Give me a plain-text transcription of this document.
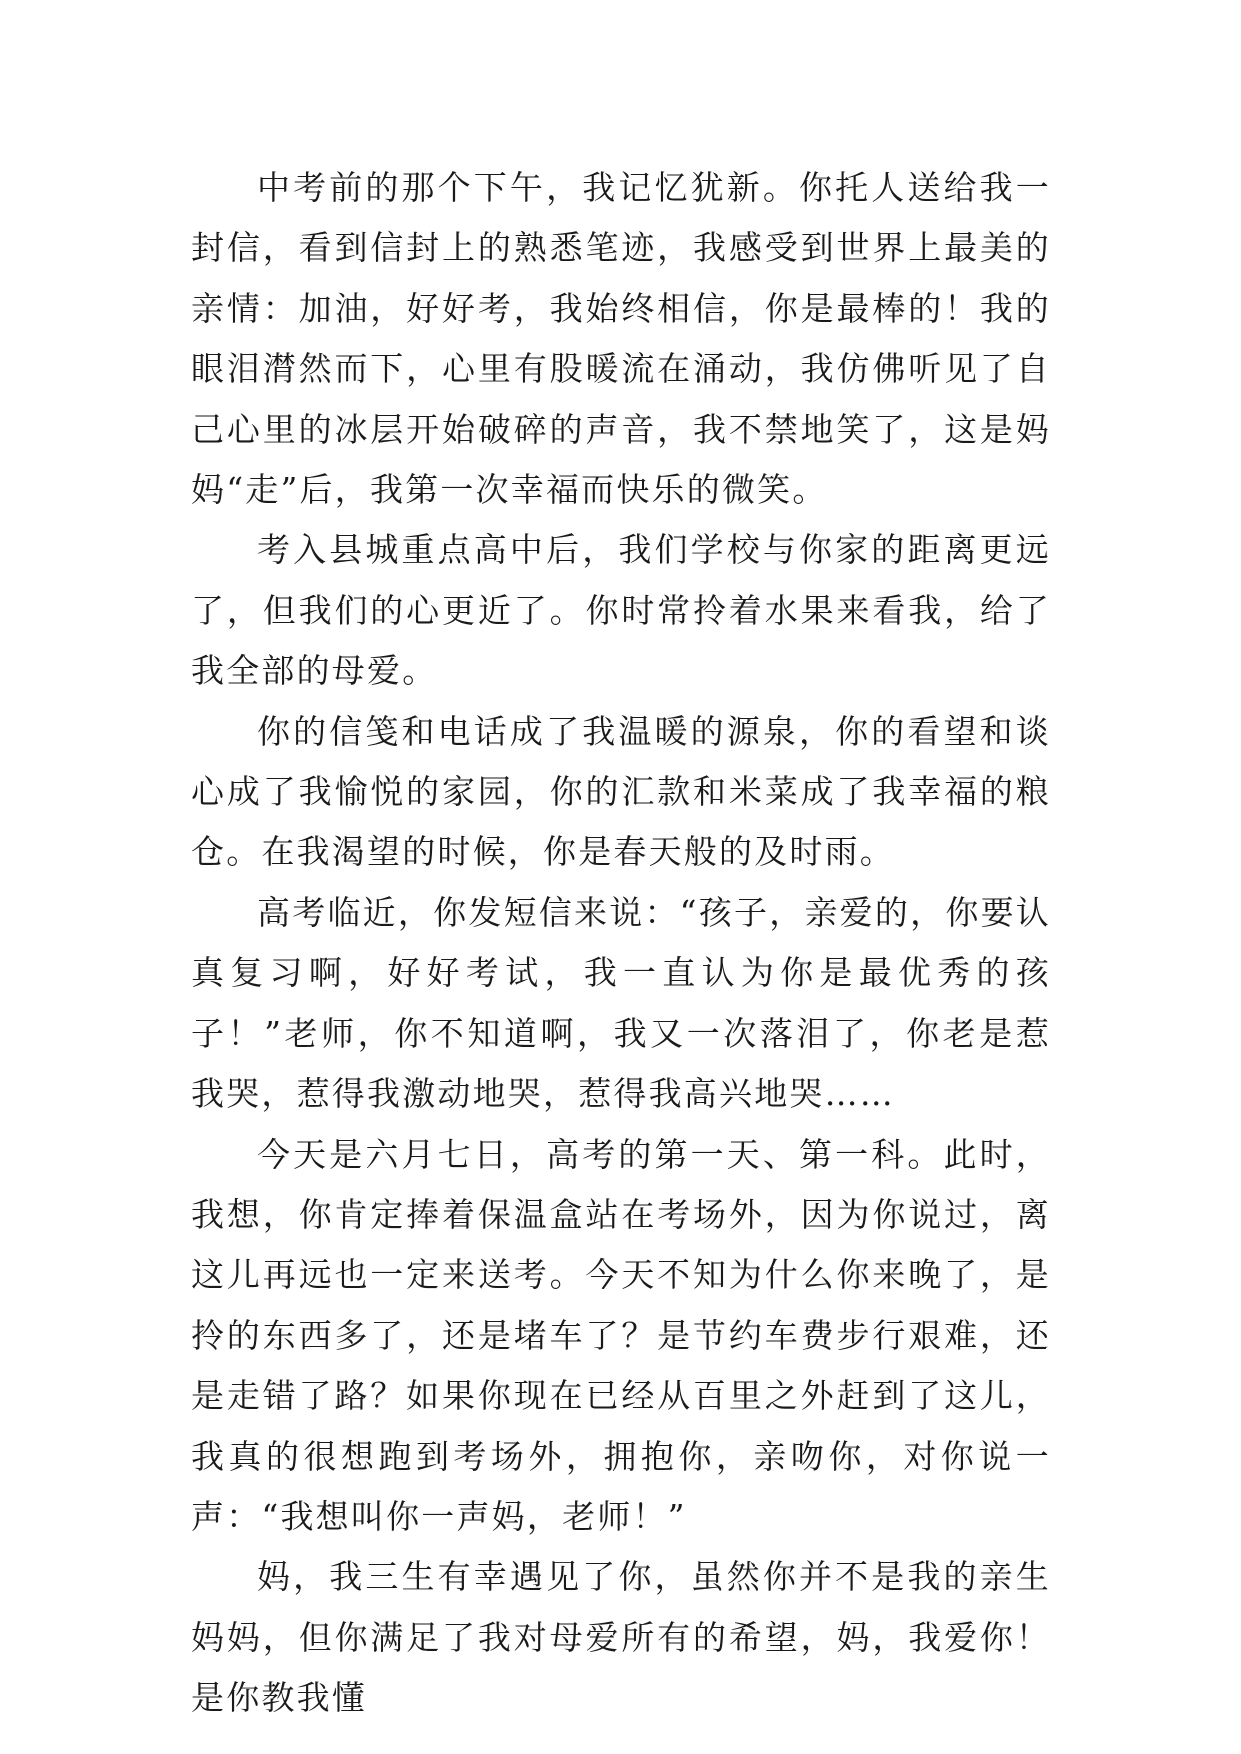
中考前的那个下午，我记忆犹新。你托人送给我一封信，看到信封上的熟悉笔迹，我感受到世界上最美的亲情：加油，好好考，我始终相信，你是最棒的！我的眼泪潸然而下，心里有股暖流在涌动，我仿佛听见了自己心里的冰层开始破碎的声音，我不禁地笑了，这是妈妈“走”后，我第一次幸福而快乐的微笑。

考入县城重点高中后，我们学校与你家的距离更远了，但我们的心更近了。你时常拎着水果来看我，给了我全部的母爱。

你的信笺和电话成了我温暖的源泉，你的看望和谈心成了我愉悦的家园，你的汇款和米菜成了我幸福的粮仓。在我渴望的时候，你是春天般的及时雨。

高考临近，你发短信来说：“孩子，亲爱的，你要认真复习啊，好好考试，我一直认为你是最优秀的孩子！”老师，你不知道啊，我又一次落泪了，你老是惹我哭，惹得我激动地哭，惹得我高兴地哭……

今天是六月七日，高考的第一天、第一科。此时，我想，你肯定捧着保温盒站在考场外，因为你说过，离这儿再远也一定来送考。今天不知为什么你来晚了，是拎的东西多了，还是堵车了？是节约车费步行艰难，还是走错了路？如果你现在已经从百里之外赶到了这儿，我真的很想跑到考场外，拥抱你，亲吻你，对你说一声：“我想叫你一声妈，老师！”

妈，我三生有幸遇见了你，虽然你并不是我的亲生妈妈，但你满足了我对母爱所有的希望，妈，我爱你！是你教我懂
